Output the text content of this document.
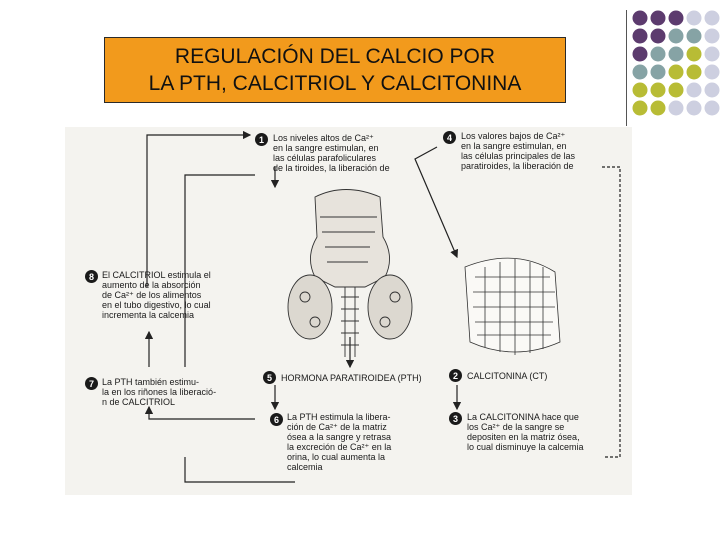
REGULACIÓN DEL CALCIO POR
LA PTH, CALCITRIOL Y CALCITONINA
1	Los niveles altos de Ca²⁺
en la sangre estimulan, en
las células parafoliculares
de la tiroides, la liberación de
4	Los valores bajos de Ca²⁺
en la sangre estimulan, en
las células principales de las
paratiroides, la liberación de
8 El CALCITRIOL estimula el
aumento de la absorción
de Ca²⁺ de los alimentos
en el tubo digestivo, lo cual
incrementa la calcemia
7 La PTH también estimu-
la en los riñones la liberació-
n de CALCITRIOL
6 La PTH estimula la libera-
ción de Ca²⁺ de la matriz
ósea a la sangre y retrasa
la excreción de Ca²⁺ en la
orina, lo cual aumenta la
calcemia
3	La CALCITONINA hace que
los Ca²⁺ de la sangre se
depositen en la matriz ósea,
lo cual disminuye la calcemia
5	HORMONA PARATIROIDEA (PTH)	2	CALCITONINA (CT)
